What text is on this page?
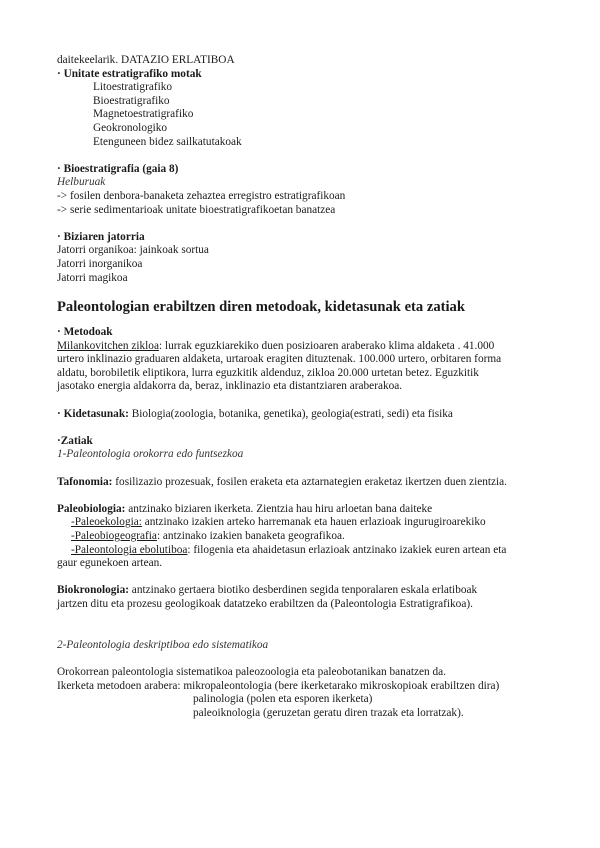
daitekeelarik. DATAZIO ERLATIBOA
· Unitate estratigrafiko motak
Litoestratigrafiko
Bioestratigrafiko
Magnetoestratigrafiko
Geokronologiko
Etenguneen bidez sailkatutakoak
· Bioestratigrafia (gaia 8)
Helburuak
-> fosilen denbora-banaketa zehaztea erregistro estratigrafikoan
-> serie sedimentarioak unitate bioestratigrafikoetan banatzea
· Biziaren jatorria
Jatorri organikoa: jainkoak sortua
Jatorri inorganikoa
Jatorri magikoa
Paleontologian erabiltzen diren metodoak, kidetasunak eta zatiak
· Metodoak
Milankovitchen zikloa: lurrak eguzkiarekiko duen posizioaren araberako klima aldaketa . 41.000
urtero inklinazio graduaren aldaketa, urtaroak eragiten dituztenak. 100.000 urtero, orbitaren forma
aldatu, borobiletik eliptikora, lurra eguzkitik aldenduz, zikloa 20.000 urtetan betez. Eguzkitik
jasotako energia aldakorra da, beraz, inklinazio eta distantziaren araberakoa.
· Kidetasunak: Biologia(zoologia, botanika, genetika), geologia(estrati, sedi) eta fisika
·Zatiak
1-Paleontologia orokorra edo funtsezkoa
Tafonomia: fosilizazio prozesuak, fosilen eraketa eta aztarnategien eraketaz ikertzen duen zientzia.
Paleobiologia: antzinako biziaren ikerketa. Zientzia hau hiru arloetan bana daiteke
-Paleoekologia: antzinako izakien arteko harremanak eta hauen erlazioak ingurugiroarekiko
-Paleobiogeografia: antzinako izakien banaketa geografikoa.
-Paleontologia ebolutiboa: filogenia eta ahaidetasun erlazioak antzinako izakiek euren artean eta
gaur egunekoen artean.
Biokronologia: antzinako gertaera biotiko desberdinen segida tenporalaren eskala erlatiboak
jartzen ditu eta prozesu geologikoak datatzeko erabiltzen da (Paleontologia Estratigrafikoa).
2-Paleontologia deskriptiboa edo sistematikoa
Orokorrean paleontologia sistematikoa paleozoologia eta paleobotanikan banatzen da.
Ikerketa metodoen arabera: mikropaleontologia (bere ikerketarako mikroskopioak erabiltzen dira)
palinologia (polen eta esporen ikerketa)
paleoiknologia (geruzetan geratu diren trazak eta lorratzak).
